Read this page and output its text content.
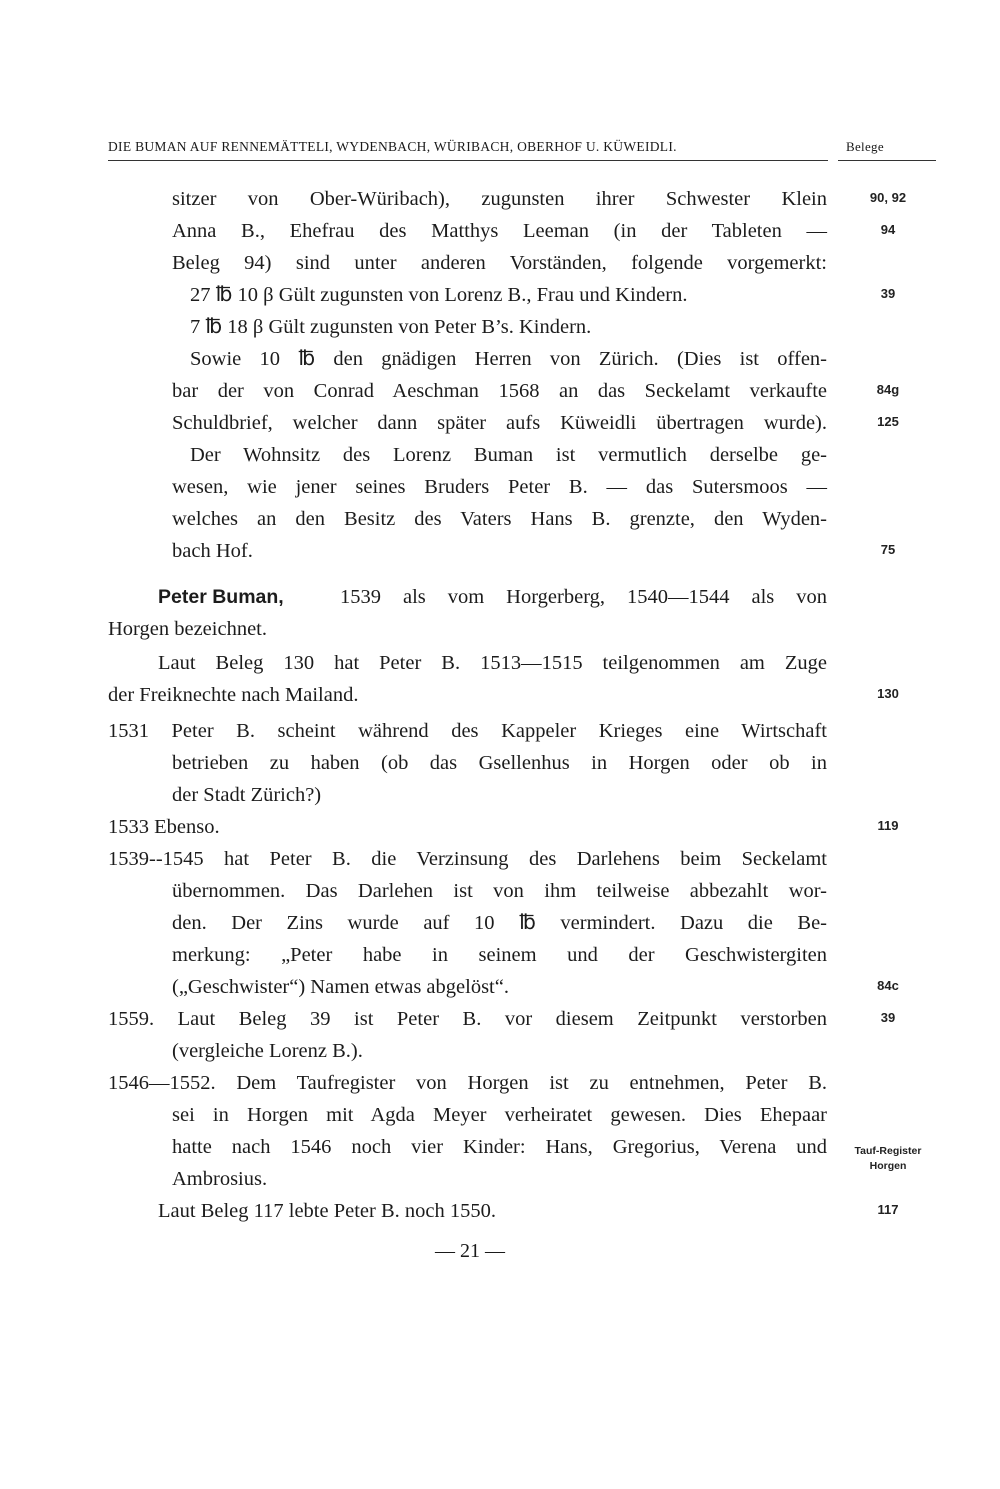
DIE BUMAN AUF RENNEMÄTTELI, WYDENBACH, WÜRIBACH, OBERHOF U. KÜWEIDLI.	Belege
sitzer von Ober-Würibach), zugunsten ihrer Schwester Klein
Anna B., Ehefrau des Matthys Leeman (in der Tableten —
Beleg 94) sind unter anderen Vorständen, folgende vorgemerkt:
27 ℔ 10 β Gült zugunsten von Lorenz B., Frau und Kindern.
7 ℔ 18 β Gült zugunsten von Peter B’s. Kindern.
Sowie 10 ℔ den gnädigen Herren von Zürich. (Dies ist offen-
bar der von Conrad Aeschman 1568 an das Seckelamt verkaufte
Schuldbrief, welcher dann später aufs Küweidli übertragen wurde).
Der Wohnsitz des Lorenz Buman ist vermutlich derselbe ge-
wesen, wie jener seines Bruders Peter B. — das Sutersmoos —
welches an den Besitz des Vaters Hans B. grenzte, den Wyden-
bach Hof.
Peter Buman,	1539 als vom Horgerberg, 1540—1544 als von
Horgen bezeichnet.
Laut Beleg 130 hat Peter B. 1513—1515 teilgenommen am Zuge
der Freiknechte nach Mailand.
1531 Peter B. scheint während des Kappeler Krieges eine Wirtschaft
betrieben zu haben (ob das Gsellenhus in Horgen oder ob in
der Stadt Zürich?)
1533 Ebenso.
1539--1545 hat Peter B. die Verzinsung des Darlehens beim Seckelamt
übernommen. Das Darlehen ist von ihm teilweise abbezahlt wor-
den. Der Zins wurde auf 10 ℔ vermindert. Dazu die Be-
merkung: „Peter habe in seinem und der Geschwistergiten
(„Geschwister“) Namen etwas abgelöst“.
1559. Laut Beleg 39 ist Peter B. vor diesem Zeitpunkt verstorben
(vergleiche Lorenz B.).
1546—1552. Dem Taufregister von Horgen ist zu entnehmen, Peter B.
sei in Horgen mit Agda Meyer verheiratet gewesen. Dies Ehepaar
hatte nach 1546 noch vier Kinder: Hans, Gregorius, Verena und
Ambrosius.
Laut Beleg 117 lebte Peter B. noch 1550.
90, 92
94
39
84g
125
75
130
119
84c
39
Tauf-Register
Horgen
117
— 21 —
